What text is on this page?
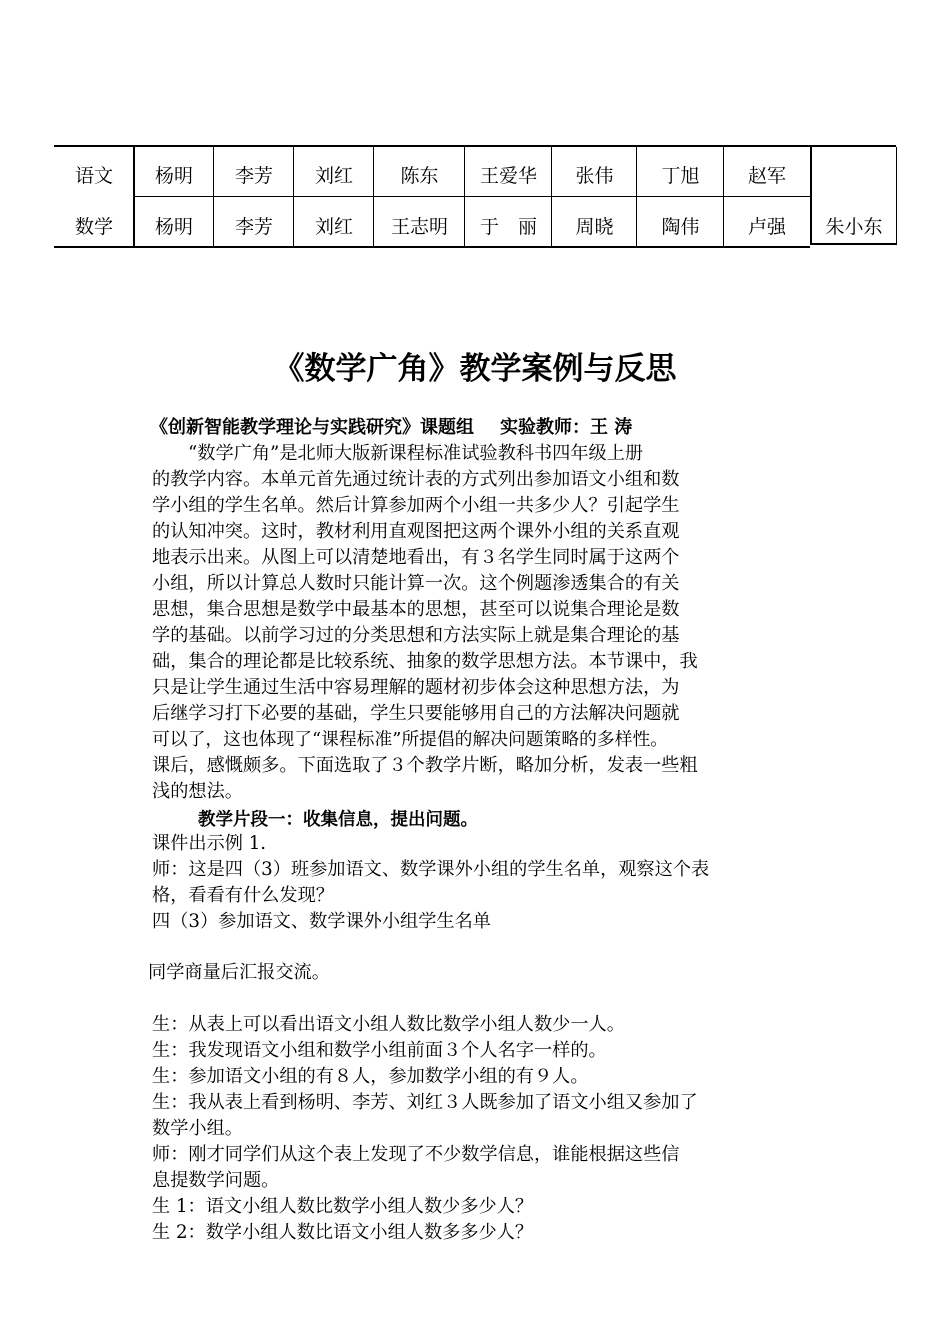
语文	杨明	李芳	刘红	陈东	王爱华	张伟	丁旭	赵军
数学	杨明	李芳	刘红	王志明	于　丽	周晓	陶伟	卢强	朱小东
《数学广角》教学案例与反思
《创新智能教学理论与实践研究》课题组 实验教师：王 涛
“数学广角”是北师大版新课程标准试验教科书四年级上册
的教学内容。本单元首先通过统计表的方式列出参加语文小组和数
学小组的学生名单。然后计算参加两个小组一共多少人？引起学生
的认知冲突。这时，教材利用直观图把这两个课外小组的关系直观
地表示出来。从图上可以清楚地看出，有３名学生同时属于这两个
小组，所以计算总人数时只能计算一次。这个例题渗透集合的有关
思想，集合思想是数学中最基本的思想，甚至可以说集合理论是数
学的基础。以前学习过的分类思想和方法实际上就是集合理论的基
础，集合的理论都是比较系统、抽象的数学思想方法。本节课中，我
只是让学生通过生活中容易理解的题材初步体会这种思想方法，为
后继学习打下必要的基础，学生只要能够用自己的方法解决问题就
可以了，这也体现了“课程标准”所提倡的解决问题策略的多样性。
课后，感慨颇多。下面选取了３个教学片断，略加分析，发表一些粗
浅的想法。
教学片段一：收集信息，提出问题。
课件出示例 1.
师：这是四（3）班参加语文、数学课外小组的学生名单，观察这个表
格，看看有什么发现？
四（3）参加语文、数学课外小组学生名单
同学商量后汇报交流。
生：从表上可以看出语文小组人数比数学小组人数少一人。
生：我发现语文小组和数学小组前面３个人名字一样的。
生：参加语文小组的有８人，参加数学小组的有９人。
生：我从表上看到杨明、李芳、刘红３人既参加了语文小组又参加了
数学小组。
师：刚才同学们从这个表上发现了不少数学信息，谁能根据这些信
息提数学问题。
生 1：语文小组人数比数学小组人数少多少人？
生 2：数学小组人数比语文小组人数多多少人？
